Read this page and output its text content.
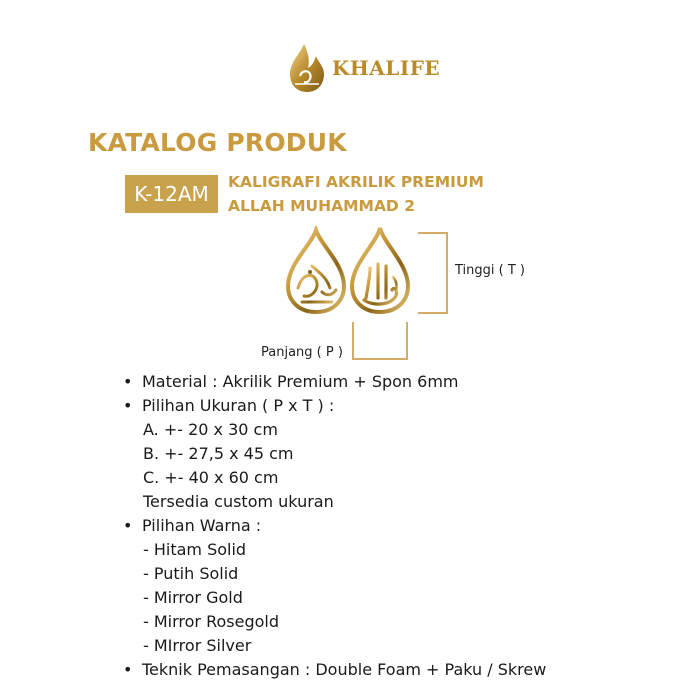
KHALIFE
KATALOG PRODUK
K-12AM	KALIGRAFI AKRILIK PREMIUM
ALLAH MUHAMMAD 2
Tinggi ( T )
Panjang ( P )
• Material : Akrilik Premium + Spon 6mm
• Pilihan Ukuran ( P x T ) :
A. +- 20 x 30 cm
B. +- 27,5 x 45 cm
C. +- 40 x 60 cm
Tersedia custom ukuran
• Pilihan Warna :
- Hitam Solid
- Putih Solid
- Mirror Gold
- Mirror Rosegold
- MIrror Silver
• Teknik Pemasangan : Double Foam + Paku / Skrew
